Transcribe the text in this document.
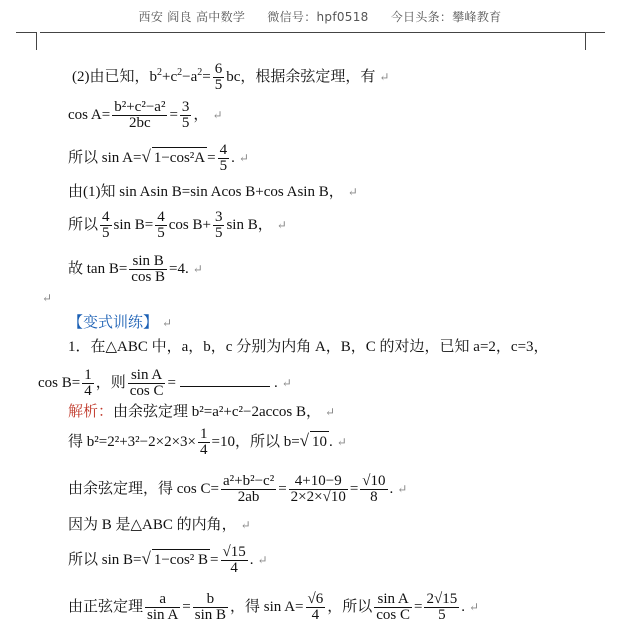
西安 阎良 高中数学 微信号：hpf0518 今日头条：攀峰教育
(2)由已知，$b^2+c^2-a^2= \frac{6}{5}$ bc，根据余弦定理，有 ↵
$\cos A= \frac{\text{b²+c²−a²}}{2bc} = \frac{3}{5}$ ， ↵
所以 sin A=√ $1-\cos^2A = \frac{4}{5}$ . ↵
由(1)知 sin Asin B=sin Acos B+cos Asin B， ↵
所以 $\frac{4}{5}$ $\sin B= \frac{4}{5}$ $\cos B+ \frac{3}{5}$ sin B， ↵
故 $\tan B= \frac{\text{sin B}}{\text{cos B}} =4$. ↵
↵
【变式训练】 ↵
1．在△ABC 中，a，b，c 分别为内角 A，B，C 的对边，已知 a=2，c=3，
$\cos B= \frac{1}{4}$ ，则 $\frac{\text{sin A}}{\text{cos C}}$ =	. ↵
解析：由余弦定理 b²=a²+c²−2accos B， ↵
得 $b^2=2^2+3^2-2\times 2\times 3\times \frac{1}{4} =10$，所以 b=√ 10 . ↵
由余弦定理，得 $\cos C= \frac{\text{a²+b²−c²}}{2ab} = \frac{4+10-9}{2\times 2\times√10} = \frac{√10}{8}$ . ↵
因为 B 是△ABC 的内角， ↵
所以 sin B=√ 1−cos² $B = \frac{√15}{4}$ . ↵
由正弦定理 $\frac{a}{\text{sin A}} = \frac{b}{\text{sin B}}$ ，得 $\sin A= \frac{√6}{4}$ ，所以 $\frac{\text{sin A}}{\text{cos C}} = \frac{2√15}{5}$ . ↵
